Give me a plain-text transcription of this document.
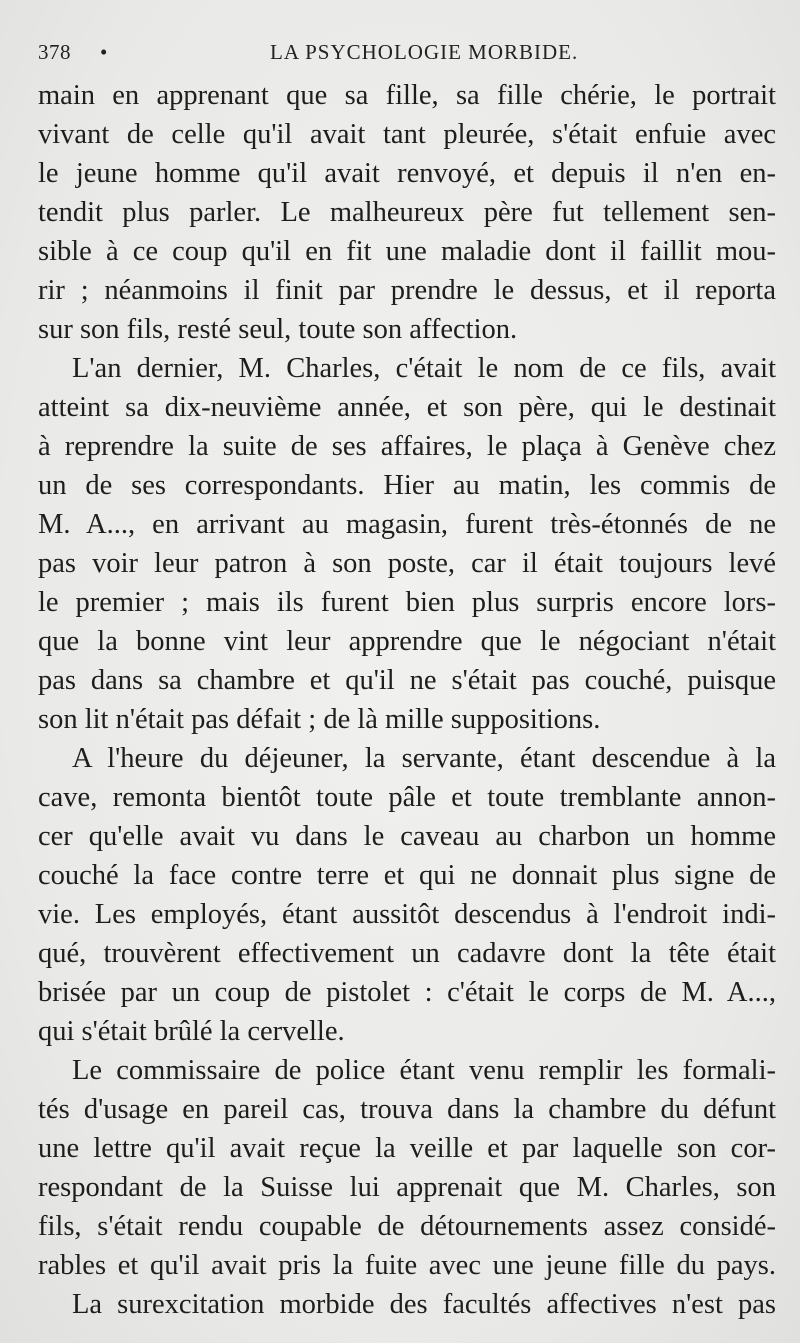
378 •	LA PSYCHOLOGIE MORBIDE.
main en apprenant que sa fille, sa fille chérie, le portrait
vivant de celle qu'il avait tant pleurée, s'était enfuie avec
le jeune homme qu'il avait renvoyé, et depuis il n'en en-
tendit plus parler. Le malheureux père fut tellement sen-
sible à ce coup qu'il en fit une maladie dont il faillit mou-
rir ; néanmoins il finit par prendre le dessus, et il reporta
sur son fils, resté seul, toute son affection.
L'an dernier, M. Charles, c'était le nom de ce fils, avait
atteint sa dix-neuvième année, et son père, qui le destinait
à reprendre la suite de ses affaires, le plaça à Genève chez
un de ses correspondants. Hier au matin, les commis de
M. A..., en arrivant au magasin, furent très-étonnés de ne
pas voir leur patron à son poste, car il était toujours levé
le premier ; mais ils furent bien plus surpris encore lors-
que la bonne vint leur apprendre que le négociant n'était
pas dans sa chambre et qu'il ne s'était pas couché, puisque
son lit n'était pas défait ; de là mille suppositions.
A l'heure du déjeuner, la servante, étant descendue à la
cave, remonta bientôt toute pâle et toute tremblante annon-
cer qu'elle avait vu dans le caveau au charbon un homme
couché la face contre terre et qui ne donnait plus signe de
vie. Les employés, étant aussitôt descendus à l'endroit indi-
qué, trouvèrent effectivement un cadavre dont la tête était
brisée par un coup de pistolet : c'était le corps de M. A...,
qui s'était brûlé la cervelle.
Le commissaire de police étant venu remplir les formali-
tés d'usage en pareil cas, trouva dans la chambre du défunt
une lettre qu'il avait reçue la veille et par laquelle son cor-
respondant de la Suisse lui apprenait que M. Charles, son
fils, s'était rendu coupable de détournements assez considé-
rables et qu'il avait pris la fuite avec une jeune fille du pays.
La surexcitation morbide des facultés affectives n'est pas
